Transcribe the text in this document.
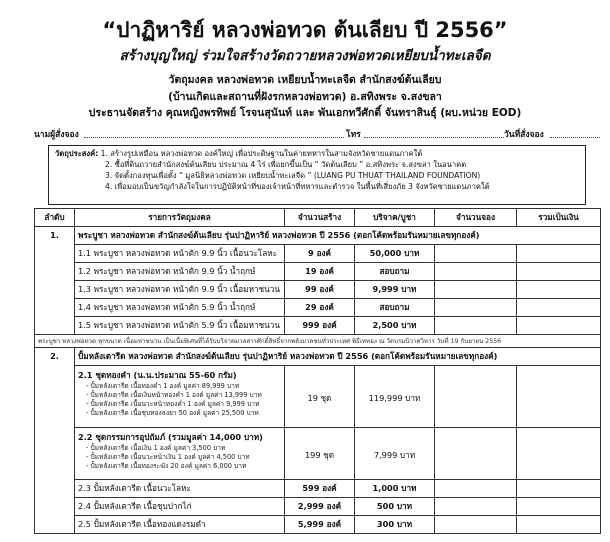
“ปาฏิหาริย์ หลวงพ่อทวด ต้นเลียบ ปี 2556”
สร้างบุญใหญ่ ร่วมใจสร้างวัดถวายหลวงพ่อทวดเหยียบน้ำทะเลจืด
วัตถุมงคล หลวงพ่อทวด เหยียบน้ำทะเลจืด สำนักสงฆ์ต้นเลียบ
(บ้านเกิดและสถานที่ฝังรกหลวงพ่อทวด) อ.สทิงพระ จ.สงขลา
ประธานจัดสร้าง คุณหญิงพรทิพย์ โรจนสุนันท์ และ พันเอกทวีศักดิ์ จันทราสินธุ์ (ผบ.หน่วย EOD)
นามผู้สั่งจอง	โทร	วันที่สั่งจอง
วัตถุประสงค์: 1. สร้างรูปเหมือน หลวงพ่อทวด องค์ใหญ่ เพื่อประดิษฐานในค่ายทหารในสามจังหวัดชายแดนภาคใต้
2. ซื้อที่ดินถวายสำนักสงฆ์ต้นเลียบ ประมาณ 4 ไร่ เพื่อยกขึ้นเป็น “ วัดต้นเลียบ ” อ.สทิงพระ จ.สงขลา ในอนาคต
3. จัดตั้งกองทุนเพื่อตั้ง “ มูลนิธิหลวงพ่อทวด เหยียบน้ำทะเลจืด ” (LUANG PU THUAT THAILAND FOUNDATION)
4. เพื่อมอบเป็นขวัญกำลังใจในการปฏิบัติหน้าที่ของเจ้าหน้าที่ทหารและตำรวจ ในพื้นที่เสี่ยงภัย 3 จังหวัดชายแดนภาคใต้
ลำดับ	รายการวัตถุมงคล	จำนวนสร้าง	บริจาค/บูชา	จำนวนจอง	รวมเป็นเงิน
1.	พระบูชา หลวงพ่อทวด สำนักสงฆ์ต้นเลียบ รุ่นปาฏิหาริย์ หลวงพ่อทวด ปี 2556 (ตอกโค้ดพร้อมรันหมายเลขทุกองค์)				
	1.1 พระบูชา หลวงพ่อทวด หน้าตัก 9.9 นิ้ว เนื้อนวะโลหะ	9 องค์	50,000 บาท		
	1.2 พระบูชา หลวงพ่อทวด หน้าตัก 9.9 นิ้ว น้ำฤกษ์	19 องค์	สอบถาม		
	1.3 พระบูชา หลวงพ่อทวด หน้าตัก 9.9 นิ้ว เนื้อมหาชนวน	99 องค์	9,999 บาท		
	1.4 พระบูชา หลวงพ่อทวด หน้าตัก 5.9 นิ้ว น้ำฤกษ์	29 องค์	สอบถาม		
	1.5 พระบูชา หลวงพ่อทวด หน้าตัก 5.9 นิ้ว เนื้อมหาชนวน	999 องค์	2,500 บาท		
พระบูชา หลวงพ่อทวด ทุกขนาด เนื้อมหาชนวน เป็นเนื้อพิเศษที่ได้รับบริจาคมวลสารศักดิ์สิทธิ์จากพลังมวลชนทั่วประเทศ พิธีเททอง ณ วัดบรมนิวาศวิหาร วันที่ 19 กันยายน 2556					
2.	ปั้มหลังเตารีด หลวงพ่อทวด สำนักสงฆ์ต้นเลียบ รุ่นปาฏิหาริย์ หลวงพ่อทวด ปี 2556 (ตอกโค้ดพร้อมรันหมายเลขทุกองค์)				

	2.1 ชุดทองคำ (น.น.ประมาณ 55-60 กรัม)
- ปั้มหลังเตารีด เนื้อทองคำ 1 องค์ มูลค่า 89,999 บาท
- ปั้มหลังเตารีด เนื้อเงินหน้าทองคำ 1 องค์ มูลค่า 13,999 บาท
- ปั้มหลังเตารีด เนื้อนวะหน้าทองคำ 1 องค์ มูลค่า 9,999 บาท
- ปั้มหลังเตารีด เนื้อชุบทองลงยา 50 องค์ มูลค่า 25,500 บาท	19 ชุด	119,999 บาท		

	2.2 ชุดกรรมการอุปถัมภ์ (รวมมูลค่า 14,000 บาท)
- ปั้มหลังเตารีด เนื้อเงิน 1 องค์ มูลค่า 3,500 บาท
- ปั้มหลังเตารีด เนื้อนวะหน้าเงิน 1 องค์ มูลค่า 4,500 บาท
- ปั้มหลังเตารีด เนื้อทองระฆัง 20 องค์ มูลค่า 6,000 บาท	199 ชุด	7,999 บาท		
	2.3 ปั้มหลังเตารีด เนื้อนวะโลหะ	599 องค์	1,000 บาท		
	2.4 ปั้มหลังเตารีด เนื้อชุบปากไก่	2,999 องค์	500 บาท		
	2.5 ปั้มหลังเตารีด เนื้อทองแดงรมดำ	5,999 องค์	300 บาท		
